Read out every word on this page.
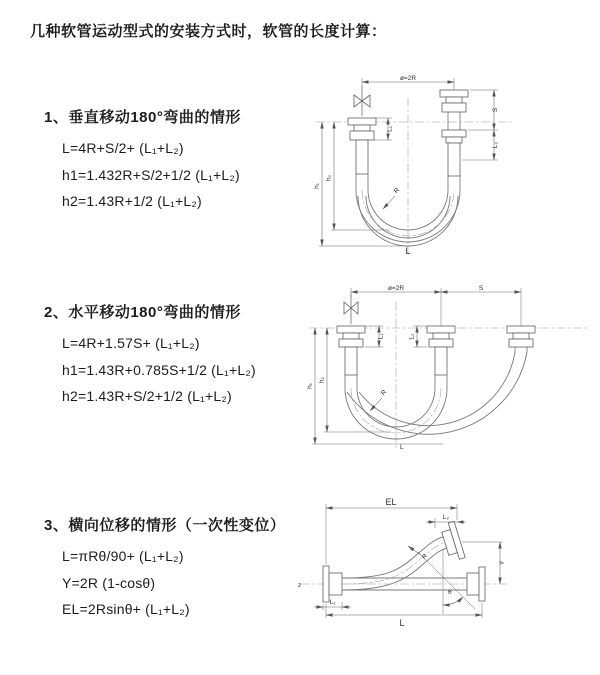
几种软管运动型式的安装方式时，软管的长度计算：
1、垂直移动180°弯曲的情形
L=4R+S/2+ (L₁+L₂)
h1=1.432R+S/2+1/2 (L₁+L₂)
h2=1.43R+1/2 (L₁+L₂)
2、水平移动180°弯曲的情形
L=4R+1.57S+ (L₁+L₂)
h1=1.43R+0.785S+1/2 (L₁+L₂)
h2=1.43R+S/2+1/2 (L₁+L₂)
3、横向位移的情形（一次性变位）
L=πRθ/90+ (L₁+L₂)
Y=2R (1-cosθ)
EL=2Rsinθ+ (L₁+L₂)
ø=2R
S
L₂
L₁
h₁
h₂
R
L
ø=2R	S
L₁	L₂
h₁
h₂
R
L
z
EL
L₂
Y
θ
R
L₁
L
